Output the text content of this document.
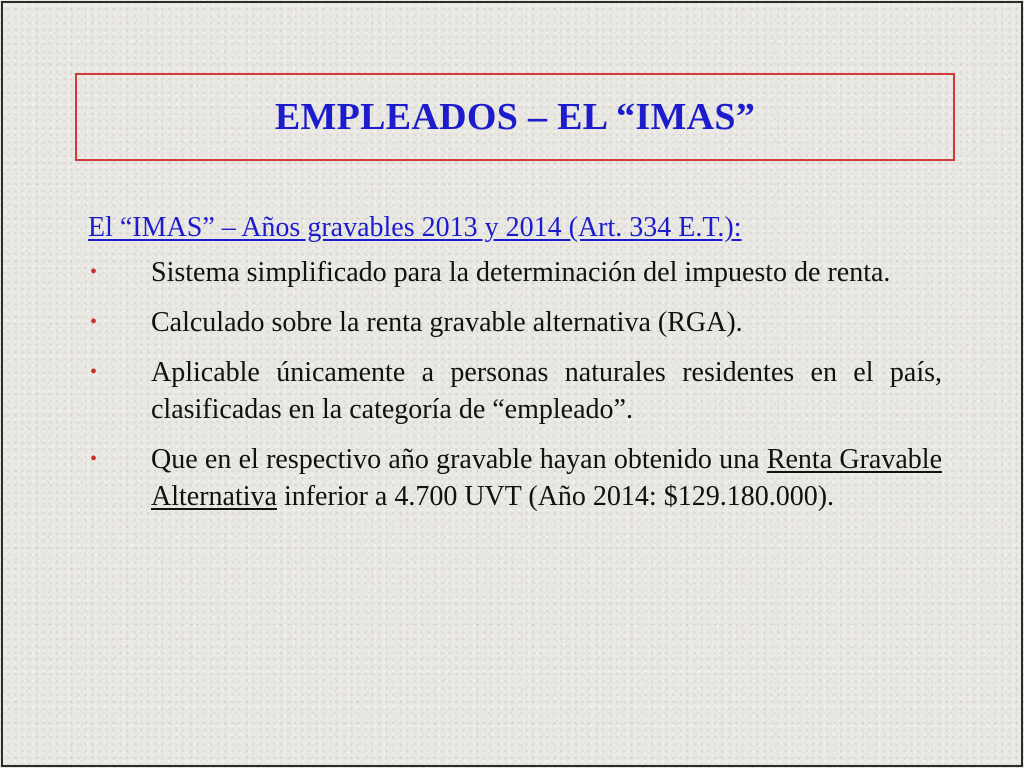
EMPLEADOS – EL “IMAS”
El “IMAS” – Años gravables 2013 y 2014 (Art. 334 E.T.):
• Sistema simplificado para la determinación del impuesto de renta.
• Calculado sobre la renta gravable alternativa (RGA).
• Aplicable únicamente a personas naturales residentes en el país, clasificadas en la categoría de “empleado”.
• Que en el respectivo año gravable hayan obtenido una Renta Gravable Alternativa inferior a 4.700 UVT (Año 2014: $129.180.000).
